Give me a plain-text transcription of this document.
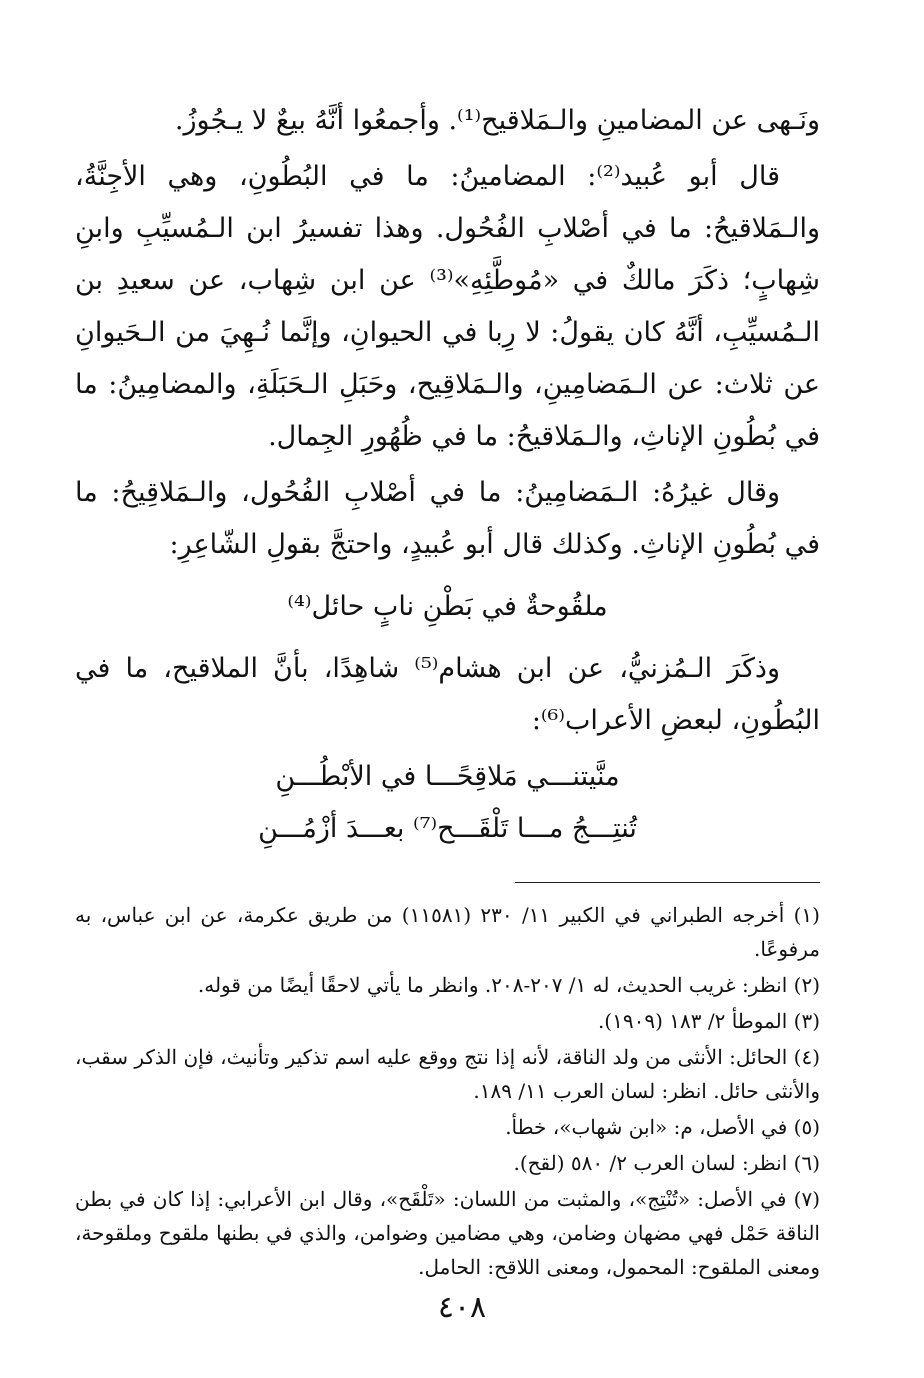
ونَـهى عن المضامينِ والـمَلاقيح⁽¹⁾. وأجمعُوا أنَّهُ بيعٌ لا يـجُوزُ.

قال أبو عُبيد⁽²⁾: المضامينُ: ما في البُطُونِ، وهي الأجِنَّةُ، والـمَلاقيحُ: ما في أصْلابِ الفُحُول. وهذا تفسيرُ ابن الـمُسيِّبِ وابنِ شِهابٍ؛ ذكَرَ مالكٌ في «مُوطَّئِهِ»⁽³⁾ عن ابن شِهاب، عن سعيدِ بن الـمُسيِّبِ، أنَّهُ كان يقولُ: لا رِبا في الحيوانِ، وإنَّما نُـهِيَ من الـحَيوانِ عن ثلاث: عن الـمَضامِينِ، والـمَلاقِيح، وحَبَلِ الـحَبَلَةِ، والمضامِينُ: ما في بُطُونِ الإناثِ، والـمَلاقيحُ: ما في ظُهُورِ الجِمال.

وقال غيرُهُ: الـمَضامِينُ: ما في أصْلابِ الفُحُول، والـمَلاقِيحُ: ما في بُطُونِ الإناثِ. وكذلك قال أبو عُبيدٍ، واحتجَّ بقولِ الشّاعِرِ:

ملقُوحةٌ في بَطْنِ نابٍ حائل⁽⁴⁾

وذكَرَ الـمُزنيُّ، عن ابن هشام⁽⁵⁾ شاهِدًا، بأنَّ الملاقيح، ما في البُطُونِ، لبعضِ الأعراب⁽⁶⁾:

منَّيتنـــي مَلاقِحًـــا في الأبْطُـــنِ
تُنتِـــجُ مـــا تَلْقَـــح⁽⁷⁾ بعـــدَ أزْمُـــنِ

(١) أخرجه الطبراني في الكبير ١١/ ٢٣٠ (١١٥٨١) من طريق عكرمة، عن ابن عباس، به مرفوعًا.

(٢) انظر: غريب الحديث، له ١/ ٢٠٧-٢٠٨. وانظر ما يأتي لاحقًا أيضًا من قوله.

(٣) الموطأ ٢/ ١٨٣ (١٩٠٩).

(٤) الحائل: الأنثى من ولد الناقة، لأنه إذا نتج ووقع عليه اسم تذكير وتأنيث، فإن الذكر سقب، والأنثى حائل. انظر: لسان العرب ١١/ ١٨٩.

(٥) في الأصل، م: «ابن شهاب»، خطأ.

(٦) انظر: لسان العرب ٢/ ٥٨٠ (لقح).

(٧) في الأصل: «تُنْتِج»، والمثبت من اللسان: «تَلْقَح»، وقال ابن الأعرابي: إذا كان في بطن الناقة حَمْل فهي مضهان وضامن، وهي مضامين وضوامن، والذي في بطنها ملقوح وملقوحة، ومعنى الملقوح: المحمول، ومعنى اللاقح: الحامل.

٤٠٨
